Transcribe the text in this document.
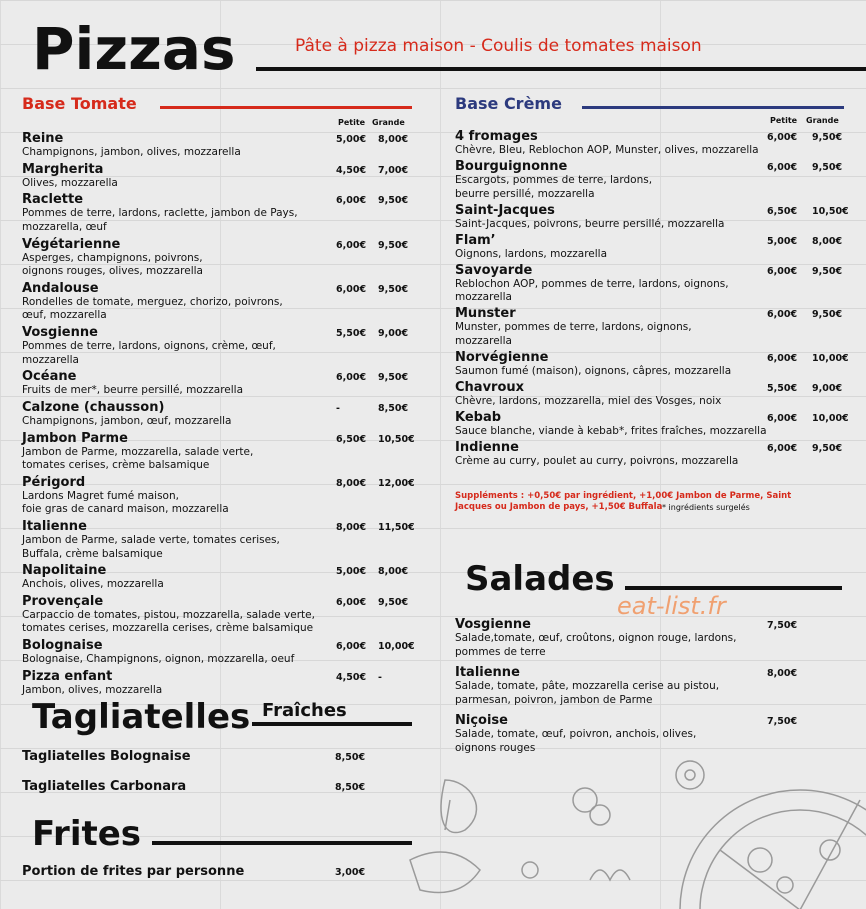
Pizzas	Pâte à pizza maison - Coulis de tomates maison
Base Tomate
Petite Grande
Reine
Champignons, jambon, olives, mozzarella
5,00€ 8,00€
Margherita
Olives, mozzarella
4,50€ 7,00€
Raclette
Pommes de terre, lardons, raclette, jambon de Pays,
mozzarella, œuf
6,00€ 9,50€
Végétarienne
Asperges, champignons, poivrons,
oignons rouges, olives, mozzarella
6,00€ 9,50€
Andalouse
Rondelles de tomate, merguez, chorizo, poivrons,
œuf, mozzarella
6,00€ 9,50€
Vosgienne
Pommes de terre, lardons, oignons, crème, œuf,
mozzarella
5,50€ 9,00€
Océane
Fruits de mer*, beurre persillé, mozzarella
6,00€ 9,50€
Calzone (chausson)
Champignons, jambon, œuf, mozzarella
-	8,50€
Jambon Parme
Jambon de Parme, mozzarella, salade verte,
tomates cerises, crème balsamique
6,50€ 10,50€
Périgord
Lardons Magret fumé maison,
foie gras de canard maison, mozzarella
8,00€ 12,00€
Italienne
Jambon de Parme, salade verte, tomates cerises,
Buffala, crème balsamique
8,00€ 11,50€
Napolitaine
Anchois, olives, mozzarella
5,00€ 8,00€
Provençale
Carpaccio de tomates, pistou, mozzarella, salade verte,
tomates cerises, mozzarella cerises, crème balsamique
6,00€ 9,50€
Bolognaise
Bolognaise, Champignons, oignon, mozzarella, oeuf
6,00€ 10,00€
Pizza enfant
Jambon, olives, mozzarella
4,50€ -
Base Crème
Petite Grande
4 fromages
Chèvre, Bleu, Reblochon AOP, Munster, olives, mozzarella
6,00€ 9,50€
Bourguignonne
Escargots, pommes de terre, lardons,
beurre persillé, mozzarella
6,00€ 9,50€
Saint-Jacques
Saint-Jacques, poivrons, beurre persillé, mozzarella
6,50€ 10,50€
Flam’
Oignons, lardons, mozzarella
5,00€ 8,00€
Savoyarde
Reblochon AOP, pommes de terre, lardons, oignons,
mozzarella
6,00€ 9,50€
Munster
Munster, pommes de terre, lardons, oignons,
mozzarella
6,00€ 9,50€
Norvégienne
Saumon fumé (maison), oignons, câpres, mozzarella
6,00€ 10,00€
Chavroux
Chèvre, lardons, mozzarella, miel des Vosges, noix
5,50€ 9,00€
Kebab
Sauce blanche, viande à kebab*, frites fraîches, mozzarella
6,00€ 10,00€
Indienne
Crème au curry, poulet au curry, poivrons, mozzarella
6,00€ 9,50€
Suppléments : +0,50€ par ingrédient, +1,00€ Jambon de Parme, Saint
Jacques ou Jambon de pays, +1,50€ Buffala * ingrédients surgelés
Salades
eat-list.fr
Vosgienne
Salade,tomate, œuf, croûtons, oignon rouge, lardons,
pommes de terre
7,50€
Italienne
Salade, tomate, pâte, mozzarella cerise au pistou,
parmesan, poivron, jambon de Parme
8,00€
Niçoise
Salade, tomate, œuf, poivron, anchois, olives,
oignons rouges
7,50€
Tagliatelles Fraîches
Tagliatelles Bolognaise	8,50€
Tagliatelles Carbonara	8,50€
Frites
Portion de frites par personne	3,00€
